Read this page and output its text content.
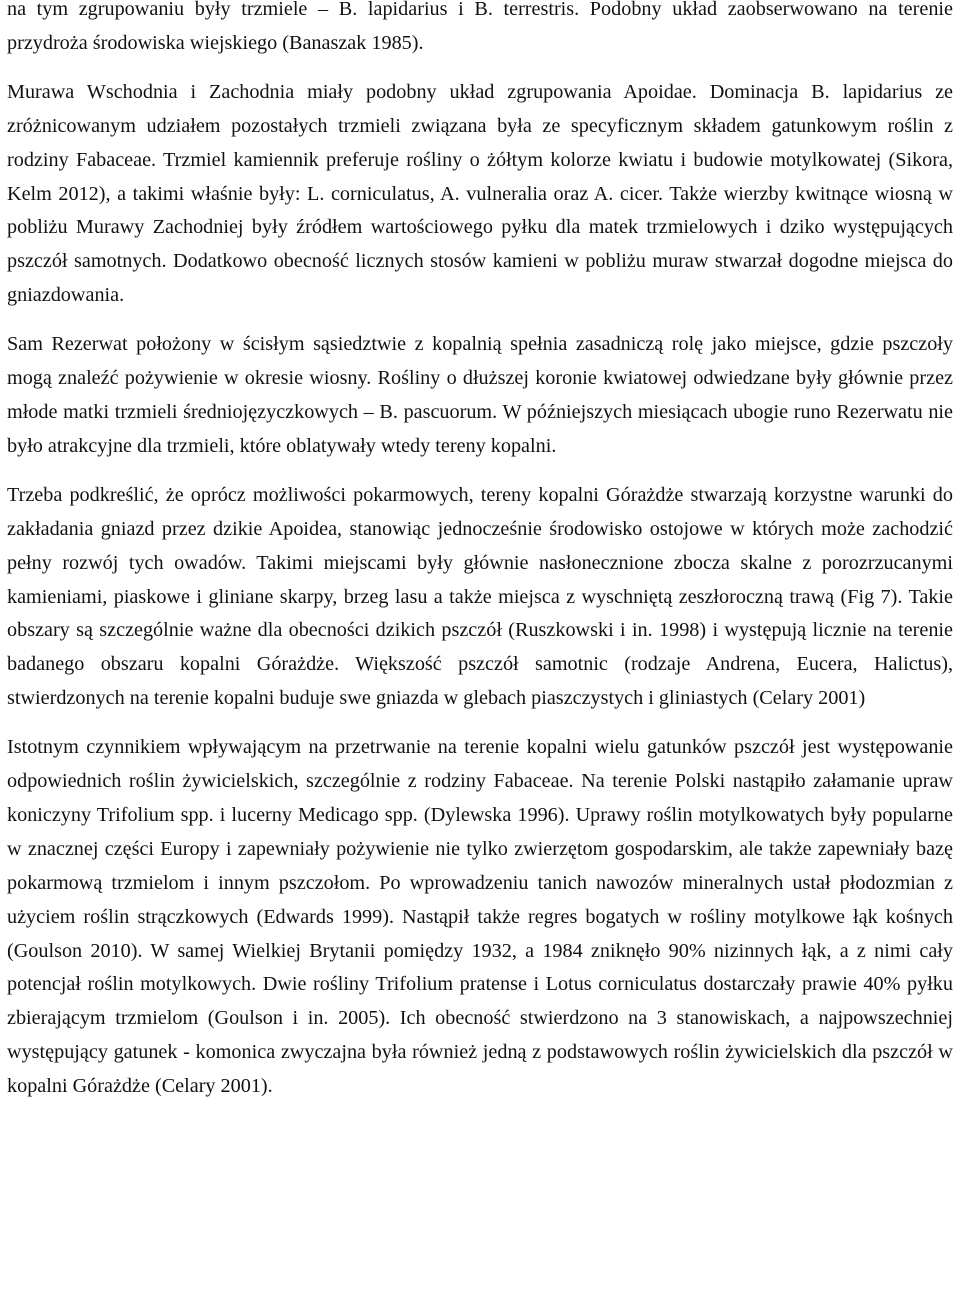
na tym zgrupowaniu były trzmiele – B. lapidarius i B. terrestris. Podobny układ zaobserwowano na terenie przydroża środowiska wiejskiego (Banaszak 1985).

Murawa Wschodnia i Zachodnia miały podobny układ zgrupowania Apoidae. Dominacja B. lapidarius ze zróżnicowanym udziałem pozostałych trzmieli związana była ze specyficznym składem gatunkowym roślin z rodziny Fabaceae. Trzmiel kamiennik preferuje rośliny o żółtym kolorze kwiatu i budowie motylkowatej (Sikora, Kelm 2012), a takimi właśnie były: L. corniculatus, A. vulneralia oraz A. cicer. Także wierzby kwitnące wiosną w pobliżu Murawy Zachodniej były źródłem wartościowego pyłku dla matek trzmielowych i dziko występujących pszczół samotnych. Dodatkowo obecność licznych stosów kamieni w pobliżu muraw stwarzał dogodne miejsca do gniazdowania.

Sam Rezerwat położony w ścisłym sąsiedztwie z kopalnią spełnia zasadniczą rolę jako miejsce, gdzie pszczoły mogą znaleźć pożywienie w okresie wiosny. Rośliny o dłuższej koronie kwiatowej odwiedzane były głównie przez młode matki trzmieli średniojęzyczkowych – B. pascuorum. W późniejszych miesiącach ubogie runo Rezerwatu nie było atrakcyjne dla trzmieli, które oblatywały wtedy tereny kopalni.

Trzeba podkreślić, że oprócz możliwości pokarmowych, tereny kopalni Górażdże stwarzają korzystne warunki do zakładania gniazd przez dzikie Apoidea, stanowiąc jednocześnie środowisko ostojowe w których może zachodzić pełny rozwój tych owadów. Takimi miejscami były głównie nasłonecznione zbocza skalne z porozrzucanymi kamieniami, piaskowe i gliniane skarpy, brzeg lasu a także miejsca z wyschniętą zeszłoroczną trawą (Fig 7). Takie obszary są szczególnie ważne dla obecności dzikich pszczół (Ruszkowski i in. 1998) i występują licznie na terenie badanego obszaru kopalni Górażdże. Większość pszczół samotnic (rodzaje Andrena, Eucera, Halictus), stwierdzonych na terenie kopalni buduje swe gniazda w glebach piaszczystych i gliniastych (Celary 2001)

Istotnym czynnikiem wpływającym na przetrwanie na terenie kopalni wielu gatunków pszczół jest występowanie odpowiednich roślin żywicielskich, szczególnie z rodziny Fabaceae. Na terenie Polski nastąpiło załamanie upraw koniczyny Trifolium spp. i lucerny Medicago spp. (Dylewska 1996). Uprawy roślin motylkowatych były popularne w znacznej części Europy i zapewniały pożywienie nie tylko zwierzętom gospodarskim, ale także zapewniały bazę pokarmową trzmielom i innym pszczołom. Po wprowadzeniu tanich nawozów mineralnych ustał płodozmian z użyciem roślin strączkowych (Edwards 1999). Nastąpił także regres bogatych w rośliny motylkowe łąk kośnych (Goulson 2010). W samej Wielkiej Brytanii pomiędzy 1932, a 1984 zniknęło 90% nizinnych łąk, a z nimi cały potencjał roślin motylkowych. Dwie rośliny Trifolium pratense i Lotus corniculatus dostarczały prawie 40% pyłku zbierającym trzmielom (Goulson i in. 2005). Ich obecność stwierdzono na 3 stanowiskach, a najpowszechniej występujący gatunek - komonica zwyczajna była również jedną z podstawowych roślin żywicielskich dla pszczół w kopalni Górażdże (Celary 2001).
